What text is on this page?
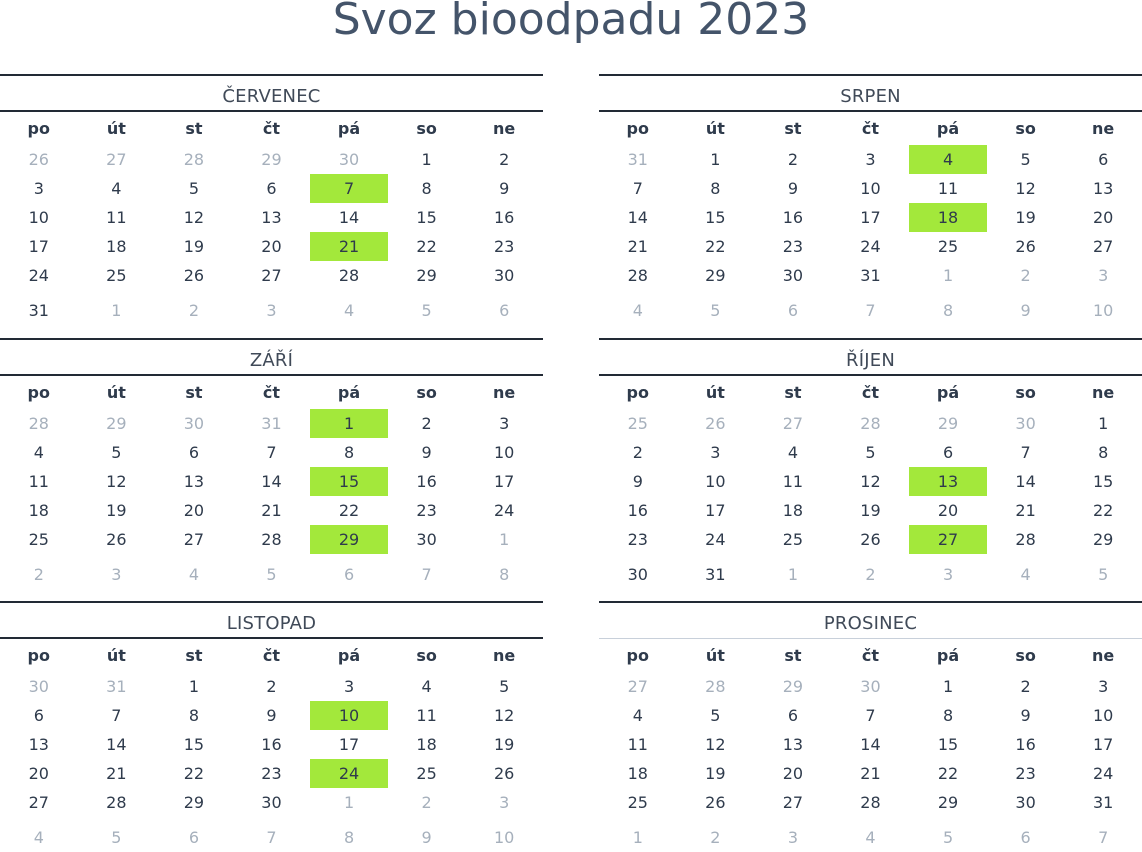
Svoz bioodpadu 2023
ČERVENEC
po	út	st	čt	pá	so	ne
26	27	28	29	30	1	2
3	4	5	6	7	8	9
10	11	12	13	14	15	16
17	18	19	20	21	22	23
24	25	26	27	28	29	30
31	1	2	3	4	5	6
SRPEN
po	út	st	čt	pá	so	ne
31	1	2	3	4	5	6
7	8	9	10	11	12	13
14	15	16	17	18	19	20
21	22	23	24	25	26	27
28	29	30	31	1	2	3
4	5	6	7	8	9	10
ZÁŘÍ
po	út	st	čt	pá	so	ne
28	29	30	31	1	2	3
4	5	6	7	8	9	10
11	12	13	14	15	16	17
18	19	20	21	22	23	24
25	26	27	28	29	30	1
2	3	4	5	6	7	8
ŘÍJEN
po	út	st	čt	pá	so	ne
25	26	27	28	29	30	1
2	3	4	5	6	7	8
9	10	11	12	13	14	15
16	17	18	19	20	21	22
23	24	25	26	27	28	29
30	31	1	2	3	4	5
LISTOPAD
po	út	st	čt	pá	so	ne
30	31	1	2	3	4	5
6	7	8	9	10	11	12
13	14	15	16	17	18	19
20	21	22	23	24	25	26
27	28	29	30	1	2	3
4	5	6	7	8	9	10
PROSINEC
po	út	st	čt	pá	so	ne
27	28	29	30	1	2	3
4	5	6	7	8	9	10
11	12	13	14	15	16	17
18	19	20	21	22	23	24
25	26	27	28	29	30	31
1	2	3	4	5	6	7
